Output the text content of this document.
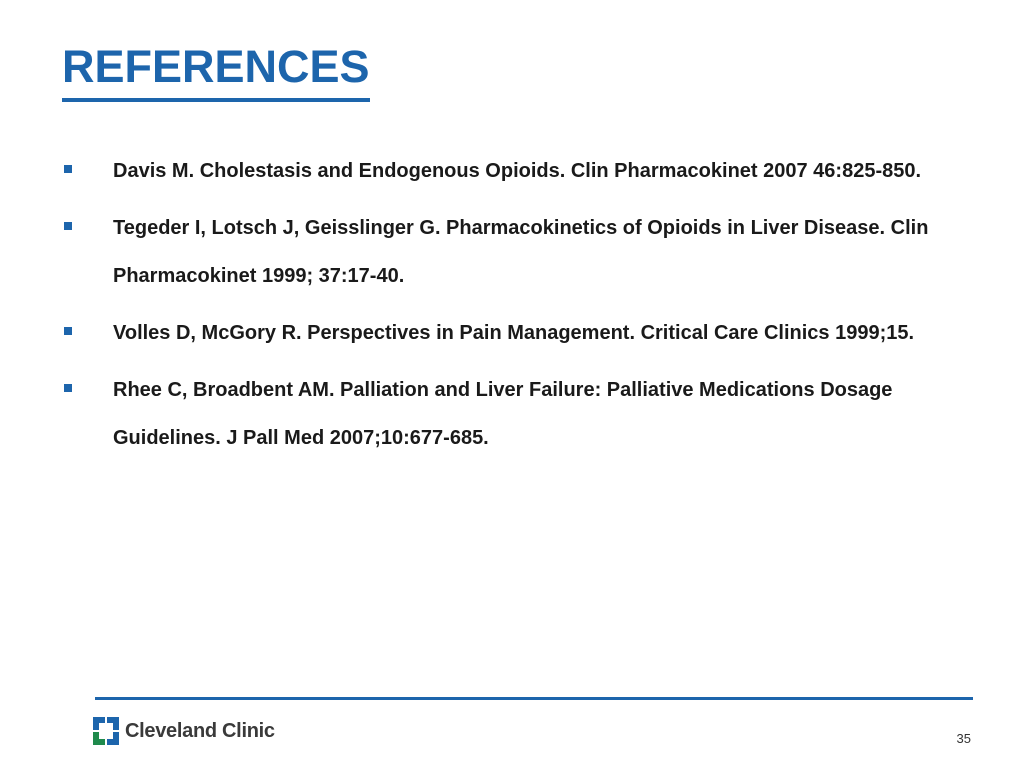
REFERENCES
Davis M. Cholestasis and Endogenous Opioids. Clin Pharmacokinet 2007 46:825-850.
Tegeder I, Lotsch J, Geisslinger G. Pharmacokinetics of Opioids in Liver Disease. Clin Pharmacokinet 1999; 37:17-40.
Volles D, McGory R. Perspectives in Pain Management. Critical Care Clinics 1999;15.
Rhee C, Broadbent AM. Palliation and Liver Failure: Palliative Medications Dosage Guidelines. J Pall Med 2007;10:677-685.
Cleveland Clinic	35
